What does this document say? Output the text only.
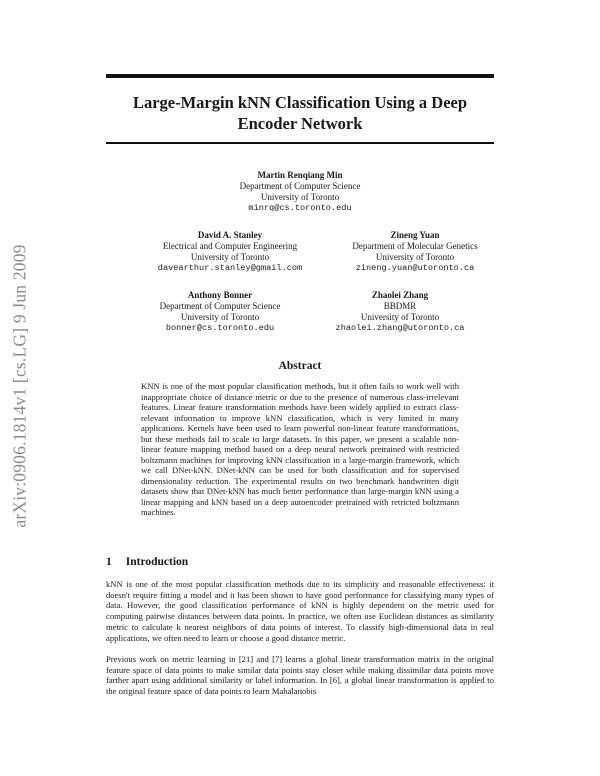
arXiv:0906.1814v1 [cs.LG] 9 Jun 2009
Large-Margin kNN Classification Using a Deep Encoder Network
Martin Renqiang Min
Department of Computer Science
University of Toronto
minrq@cs.toronto.edu
David A. Stanley
Electrical and Computer Engineering
University of Toronto
davearthur.stanley@gmail.com
Zineng Yuan
Department of Molecular Genetics
University of Toronto
zineng.yuan@utoronto.ca
Anthony Bonner
Department of Computer Science
University of Toronto
bonner@cs.toronto.edu
Zhaolei Zhang
BBDMR
University of Toronto
zhaolei.zhang@utoronto.ca
Abstract

KNN is one of the most popular classification methods, but it often fails to work well with inappropriate choice of distance metric or due to the presence of numerous class-irrelevant features. Linear feature transformation methods have been widely applied to extract class-relevant information to improve kNN classification, which is very limited in many applications. Kernels have been used to learn powerful non-linear feature transformations, but these methods fail to scale to large datasets. In this paper, we present a scalable non-linear feature mapping method based on a deep neural network pretrained with restricted boltzmann machines for improving kNN classification in a large-margin framework, which we call DNet-kNN. DNet-kNN can be used for both classification and for supervised dimensionality reduction. The experimental results on two benchmark handwritten digit datasets show that DNet-kNN has much better performance than large-margin kNN using a linear mapping and kNN based on a deep autoencoder pretrained with retricted boltzmann machines.

1 Introduction

kNN is one of the most popular classification methods due to its simplicity and reasonable effectiveness: it doesn't require fitting a model and it has been shown to have good performance for classifying many types of data. However, the good classification performance of kNN is highly dependent on the metric used for computing pairwise distances between data points. In practice, we often use Euclidean distances as similarity metric to calculate k nearest neighbors of data points of interest. To classify high-dimensional data in real applications, we often need to learn or choose a good distance metric.

Previous work on metric learning in [21] and [7] learns a global linear transformation matrix in the original feature space of data points to make similar data points stay closer while making dissimilar data points move farther apart using additional similarity or label information. In [6], a global linear transformation is applied to the original feature space of data points to learn Mahalanobis
